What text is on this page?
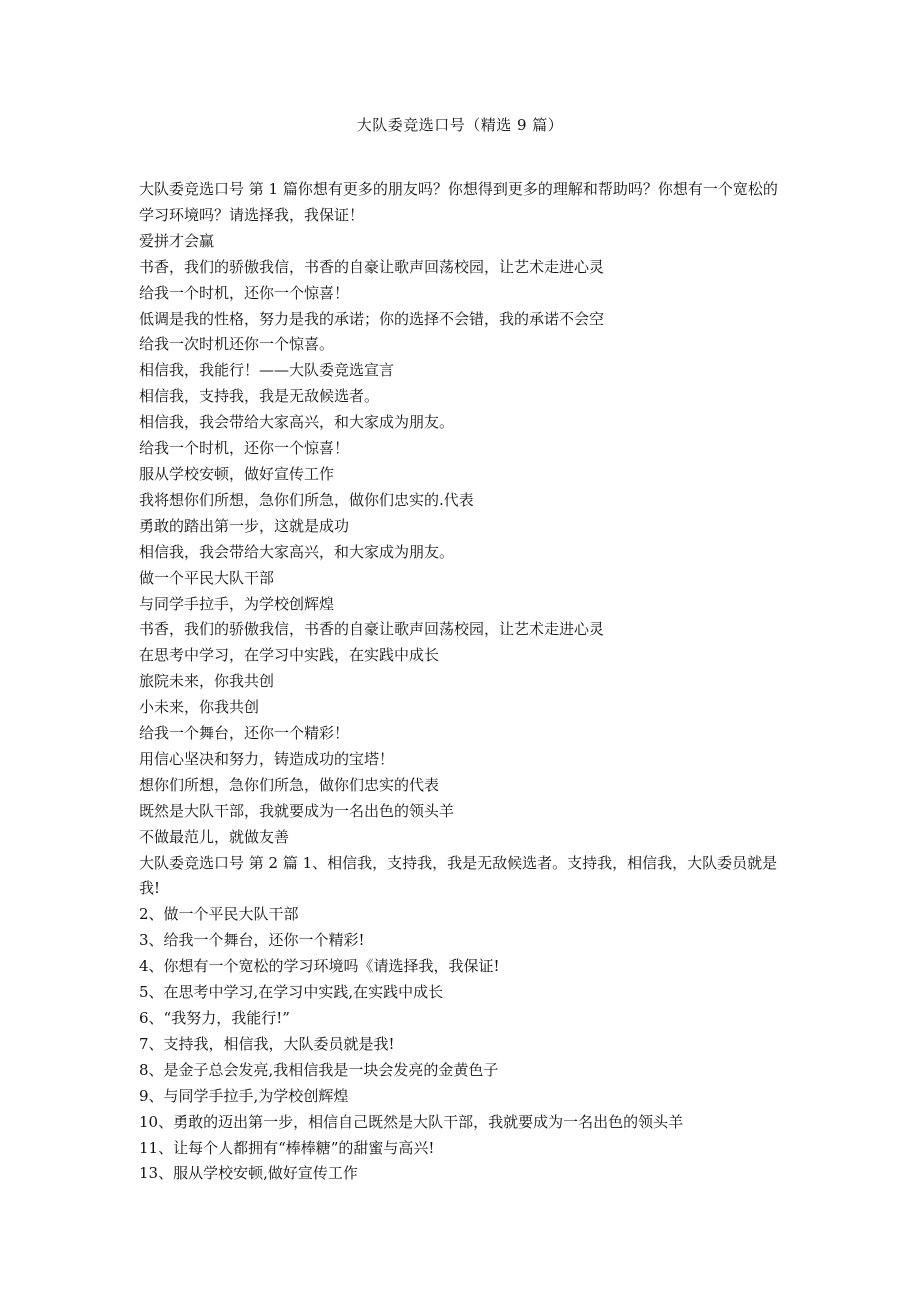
大队委竞选口号（精选 9 篇）

大队委竞选口号 第 1 篇你想有更多的朋友吗？你想得到更多的理解和帮助吗？你想有一个宽松的学习环境吗？请选择我，我保证！

爱拼才会赢

书香，我们的骄傲我信，书香的自豪让歌声回荡校园，让艺术走进心灵

给我一个时机，还你一个惊喜！

低调是我的性格，努力是我的承诺；你的选择不会错，我的承诺不会空

给我一次时机还你一个惊喜。

相信我，我能行！——大队委竞选宣言

相信我，支持我，我是无敌候选者。

相信我，我会带给大家高兴，和大家成为朋友。

给我一个时机，还你一个惊喜！

服从学校安顿，做好宣传工作

我将想你们所想，急你们所急，做你们忠实的.代表

勇敢的踏出第一步，这就是成功

相信我，我会带给大家高兴，和大家成为朋友。

做一个平民大队干部

与同学手拉手，为学校创辉煌

书香，我们的骄傲我信，书香的自豪让歌声回荡校园，让艺术走进心灵

在思考中学习，在学习中实践，在实践中成长

旅院未来，你我共创

小未来，你我共创

给我一个舞台，还你一个精彩！

用信心坚决和努力，铸造成功的宝塔！

想你们所想，急你们所急，做你们忠实的代表

既然是大队干部，我就要成为一名出色的领头羊

不做最范儿，就做友善

大队委竞选口号 第 2 篇 1、相信我，支持我，我是无敌候选者。支持我，相信我，大队委员就是我!

2、做一个平民大队干部

3、给我一个舞台，还你一个精彩!

4、你想有一个宽松的学习环境吗《请选择我，我保证!

5、在思考中学习,在学习中实践,在实践中成长

6、“我努力，我能行!”

7、支持我，相信我，大队委员就是我!

8、是金子总会发亮,我相信我是一块会发亮的金黄色子

9、与同学手拉手,为学校创辉煌

10、勇敢的迈出第一步，相信自己既然是大队干部，我就要成为一名出色的领头羊

11、让每个人都拥有“棒棒糖”的甜蜜与高兴!

13、服从学校安顿,做好宣传工作
